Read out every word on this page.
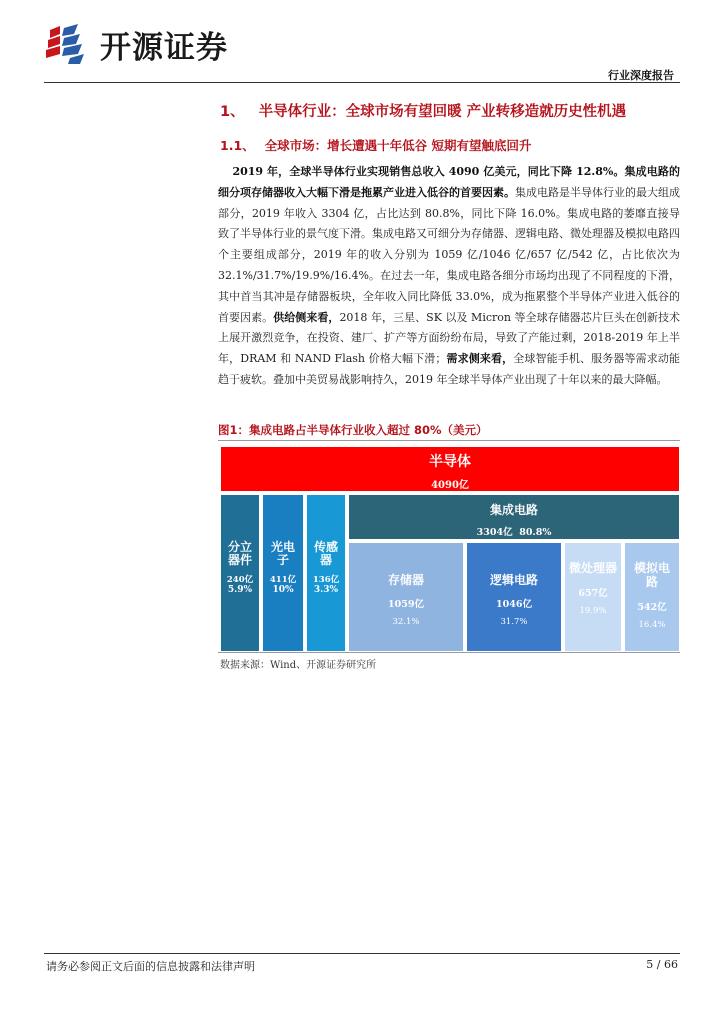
开源证券
行业深度报告
1、 半导体行业：全球市场有望回暖 产业转移造就历史性机遇
1.1、 全球市场：增长遭遇十年低谷 短期有望触底回升
2019 年，全球半导体行业实现销售总收入 4090 亿美元，同比下降 12.8%。集成电路的细分项存储器收入大幅下滑是拖累产业进入低谷的首要因素。集成电路是半导体行业的最大组成部分，2019 年收入 3304 亿，占比达到 80.8%，同比下降 16.0%。集成电路的萎靡直接导致了半导体行业的景气度下滑。集成电路又可细分为存储器、逻辑电路、微处理器及模拟电路四个主要组成部分，2019 年的收入分别为 1059 亿/1046 亿/657 亿/542 亿，占比依次为 32.1%/31.7%/19.9%/16.4%。在过去一年，集成电路各细分市场均出现了不同程度的下滑，其中首当其冲是存储器板块，全年收入同比降低 33.0%，成为拖累整个半导体产业进入低谷的首要因素。供给侧来看，2018 年，三星、SK 以及 Micron 等全球存储器芯片巨头在创新技术上展开激烈竞争，在投资、建厂、扩产等方面纷纷布局，导致了产能过剩，2018-2019 年上半年，DRAM 和 NAND Flash 价格大幅下滑；需求侧来看，全球智能手机、服务器等需求动能趋于疲软。叠加中美贸易战影响持久，2019 年全球半导体产业出现了十年以来的最大降幅。
图1：集成电路占半导体行业收入超过 80%（美元）
半导体
4090亿
分立器件
240亿
5.9%
光电子
411亿
10%
传感器
136亿
3.3%
集成电路
3304亿 80.8%
存储器
1059亿
32.1%
逻辑电路
1046亿
31.7%
微处理器
657亿
19.9%
模拟电路
542亿
16.4%
数据来源：Wind、开源证券研究所
请务必参阅正文后面的信息披露和法律声明	5 / 66
